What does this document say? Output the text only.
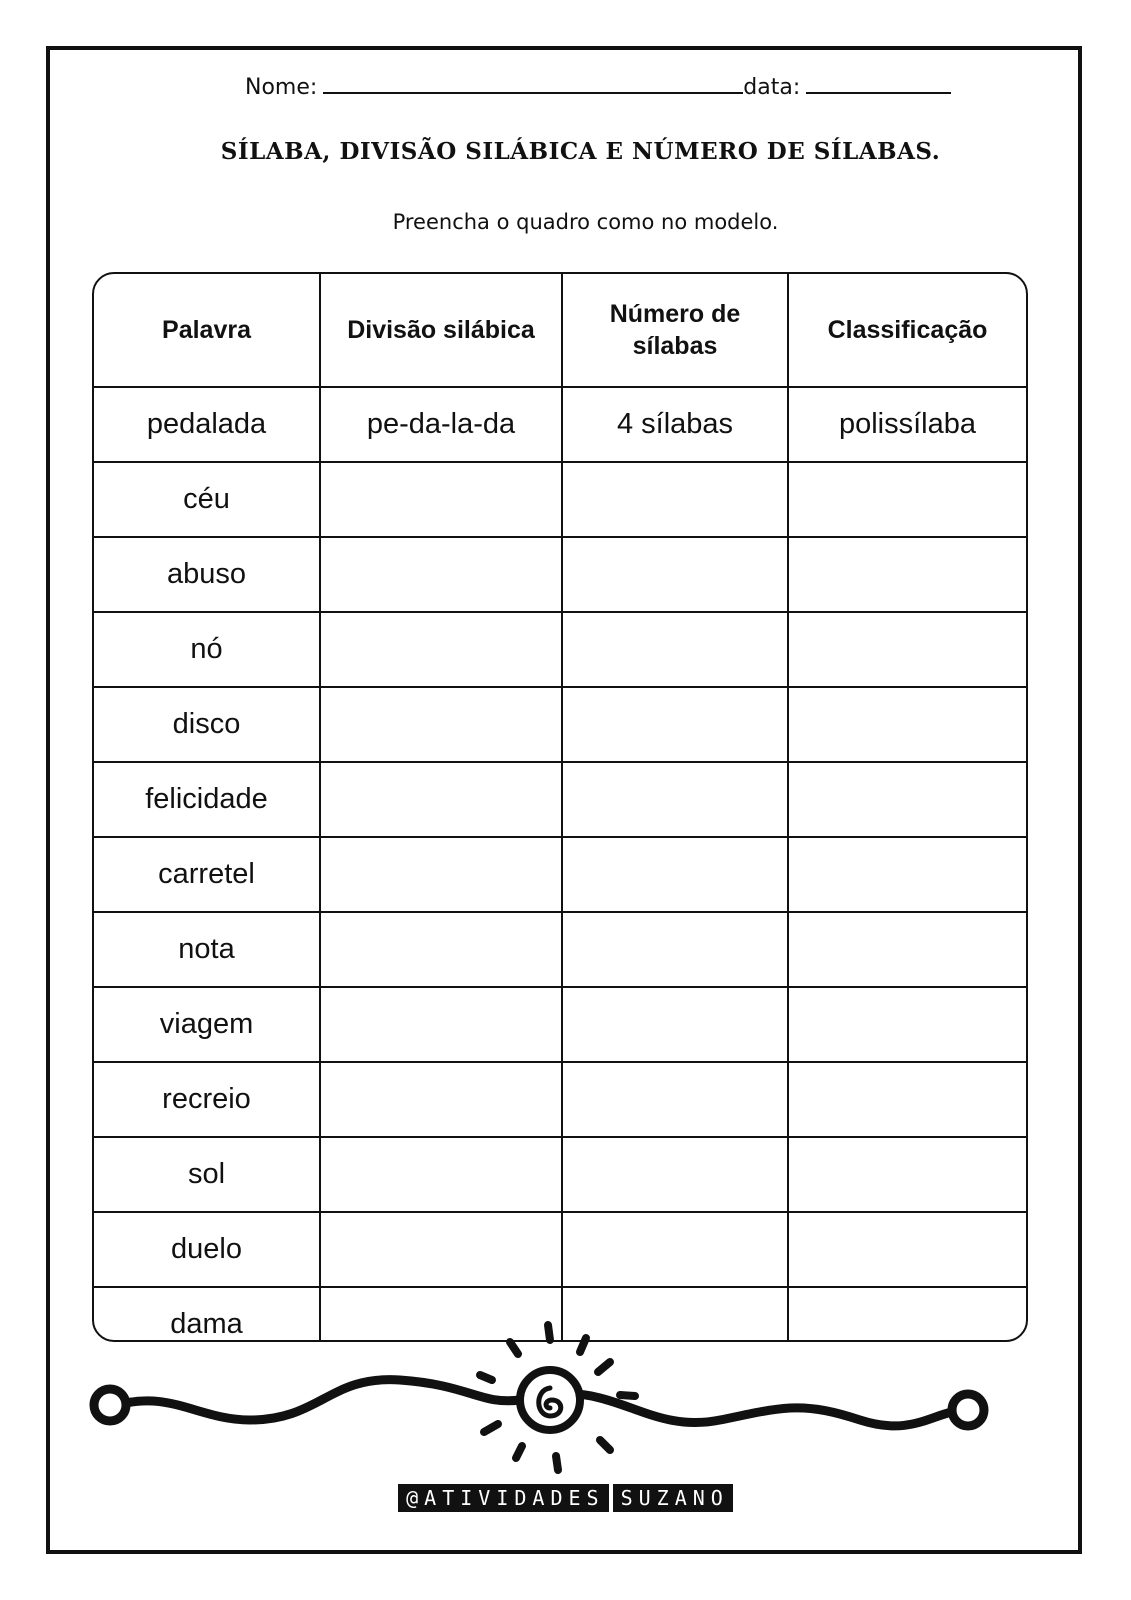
Nome:	data:
SÍLABA, DIVISÃO SILÁBICA E NÚMERO DE SÍLABAS.
Preencha o quadro como no modelo.
Palavra	Divisão silábica	Número de sílabas	Classificação
pedalada	pe-da-la-da	4 sílabas	polissílaba
céu			
abuso			
nó			
disco			
felicidade			
carretel			
nota			
viagem			
recreio			
sol			
duelo			
dama			
@ATIVIDADES SUZANO
